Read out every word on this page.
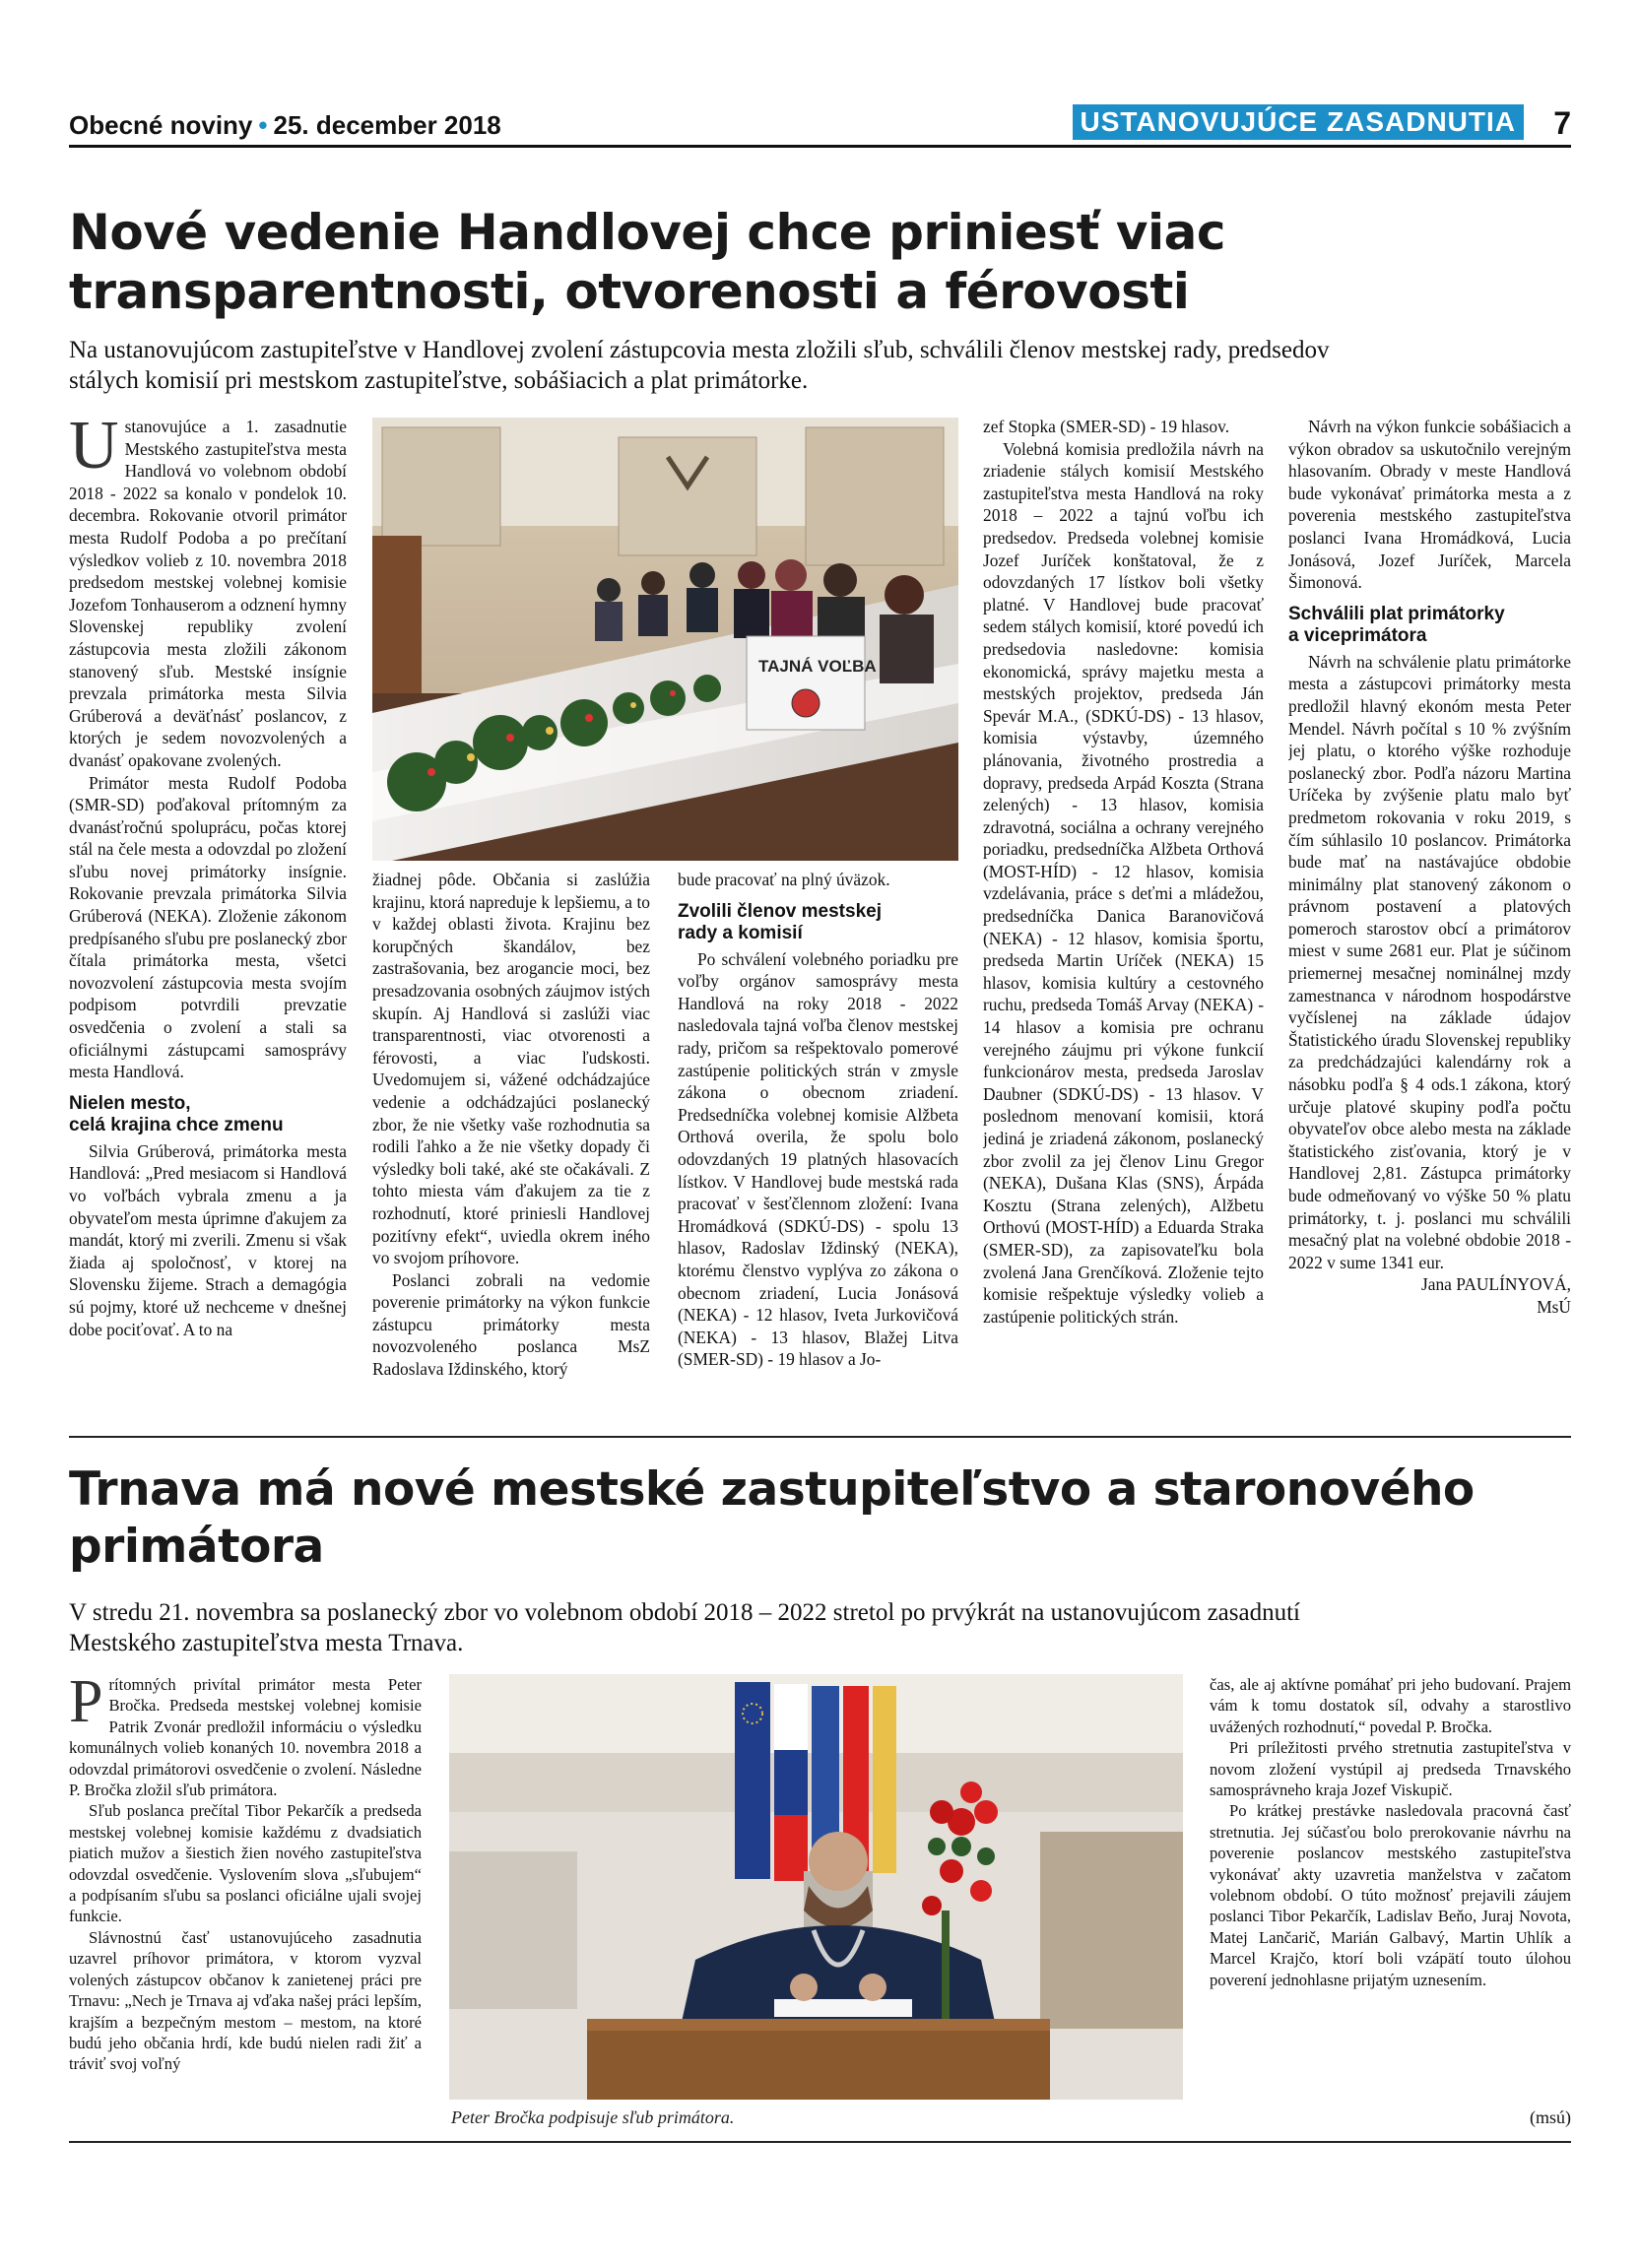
Obecné noviny • 25. december 2018	USTANOVUJÚCE ZASADNUTIA 7
Nové vedenie Handlovej chce priniesť viac
transparentnosti, otvorenosti a férovosti
Na ustanovujúcom zastupiteľstve v Handlovej zvolení zástupcovia mesta zložili sľub, schválili členov mestskej rady, predsedov
stálych komisií pri mestskom zastupiteľstve, sobášiacich a plat primátorke.

Ustanovujúce a 1. zasadnutie Mestského zastupiteľstva mesta Handlová vo volebnom období 2018 - 2022 sa konalo v pondelok 10. decembra. Rokovanie otvoril primátor mesta Rudolf Podoba a po prečítaní výsledkov volieb z 10. novembra 2018 predsedom mestskej volebnej komisie Jozefom Tonhauserom a odznení hymny Slovenskej republiky zvolení zástupcovia mesta zložili zákonom stanovený sľub. Mestské insígnie prevzala primátorka mesta Silvia Grúberová a deväťnásť poslancov, z ktorých je sedem novozvolených a dvanásť opakovane zvolených.

Primátor mesta Rudolf Podoba (SMR-SD) poďakoval prítomným za dvanásťročnú spoluprácu, počas ktorej stál na čele mesta a odovzdal po zložení sľubu novej primátorky insígnie. Rokovanie prevzala primátorka Silvia Grúberová (NEKA). Zloženie zákonom predpísaného sľubu pre poslanecký zbor čítala primátorka mesta, všetci novozvolení zástupcovia mesta svojím podpisom potvrdili prevzatie osvedčenia o zvolení a stali sa oficiálnymi zástupcami samosprávy mesta Handlová.

Nielen mesto,
celá krajina chce zmenu

Silvia Grúberová, primátorka mesta Handlová: „Pred mesiacom si Handlová vo voľbách vybrala zmenu a ja obyvateľom mesta úprimne ďakujem za mandát, ktorý mi zverili. Zmenu si však žiada aj spoločnosť, v ktorej na Slovensku žijeme. Strach a demagógia sú pojmy, ktoré už nechceme v dnešnej dobe pociťovať. A to na

TAJNÁ VOĽBA

žiadnej pôde. Občania si zaslúžia krajinu, ktorá napreduje k lepšiemu, a to v každej oblasti života. Krajinu bez korupčných škandálov, bez zastrašovania, bez arogancie moci, bez presadzovania osobných záujmov istých skupín. Aj Handlová si zaslúži viac transparentnosti, viac otvorenosti a férovosti, a viac ľudskosti. Uvedomujem si, vážené odchádzajúce vedenie a odchádzajúci poslanecký zbor, že nie všetky vaše rozhodnutia sa rodili ľahko a že nie všetky dopady či výsledky boli také, aké ste očakávali. Z tohto miesta vám ďakujem za tie z rozhodnutí, ktoré priniesli Handlovej pozitívny efekt“, uviedla okrem iného vo svojom príhovore.

Poslanci zobrali na vedomie poverenie primátorky na výkon funkcie zástupcu primátorky mesta novozvoleného poslanca MsZ Radoslava Iždinského, ktorý

bude pracovať na plný úväzok.

Zvolili členov mestskej
rady a komisií

Po schválení volebného poriadku pre voľby orgánov samosprávy mesta Handlová na roky 2018 - 2022 nasledovala tajná voľba členov mestskej rady, pričom sa rešpektovalo pomerové zastúpenie politických strán v zmysle zákona o obecnom zriadení. Predsedníčka volebnej komisie Alžbeta Orthová overila, že spolu bolo odovzdaných 19 platných hlasovacích lístkov. V Handlovej bude mestská rada pracovať v šesťčlennom zložení: Ivana Hromádková (SDKÚ-DS) - spolu 13 hlasov, Radoslav Iždinský (NEKA), ktorému členstvo vyplýva zo zákona o obecnom zriadení, Lucia Jonásová (NEKA) - 12 hlasov, Iveta Jurkovičová (NEKA) - 13 hlasov, Blažej Litva (SMER-SD) - 19 hlasov a Jo-

zef Stopka (SMER-SD) - 19 hlasov.

Volebná komisia predložila návrh na zriadenie stálych komisií Mestského zastupiteľstva mesta Handlová na roky 2018 – 2022 a tajnú voľbu ich predsedov. Predseda volebnej komisie Jozef Juríček konštatoval, že z odovzdaných 17 lístkov boli všetky platné. V Handlovej bude pracovať sedem stálych komisií, ktoré povedú ich predsedovia nasledovne: komisia ekonomická, správy majetku mesta a mestských projektov, predseda Ján Spevár M.A., (SDKÚ-DS) - 13 hlasov, komisia výstavby, územného plánovania, životného prostredia a dopravy, predseda Arpád Koszta (Strana zelených) - 13 hlasov, komisia zdravotná, sociálna a ochrany verejného poriadku, predsedníčka Alžbeta Orthová (MOST-HÍD) - 12 hlasov, komisia vzdelávania, práce s deťmi a mládežou, predsedníčka Danica Baranovičová (NEKA) - 12 hlasov, komisia športu, predseda Martin Uríček (NEKA) 15 hlasov, komisia kultúry a cestovného ruchu, predseda Tomáš Arvay (NEKA) - 14 hlasov a komisia pre ochranu verejného záujmu pri výkone funkcií funkcionárov mesta, predseda Jaroslav Daubner (SDKÚ-DS) - 13 hlasov. V poslednom menovaní komisii, ktorá jediná je zriadená zákonom, poslanecký zbor zvolil za jej členov Linu Gregor (NEKA), Dušana Klas (SNS), Árpáda Kosztu (Strana zelených), Alžbetu Orthovú (MOST-HÍD) a Eduarda Straka (SMER-SD), za zapisovateľku bola zvolená Jana Grenčíková. Zloženie tejto komisie rešpektuje výsledky volieb a zastúpenie politických strán.

Návrh na výkon funkcie sobášiacich a výkon obradov sa uskutočnilo verejným hlasovaním. Obrady v meste Handlová bude vykonávať primátorka mesta a z poverenia mestského zastupiteľstva poslanci Ivana Hromádková, Lucia Jonásová, Jozef Juríček, Marcela Šimonová.

Schválili plat primátorky
a viceprimátora

Návrh na schválenie platu primátorke mesta a zástupcovi primátorky mesta predložil hlavný ekonóm mesta Peter Mendel. Návrh počítal s 10 % zvýšním jej platu, o ktorého výške rozhoduje poslanecký zbor. Podľa názoru Martina Uríčeka by zvýšenie platu malo byť predmetom rokovania v roku 2019, s čím súhlasilo 10 poslancov. Primátorka bude mať na nastávajúce obdobie minimálny plat stanovený zákonom o právnom postavení a platových pomeroch starostov obcí a primátorov miest v sume 2681 eur. Plat je súčinom priemernej mesačnej nominálnej mzdy zamestnanca v národnom hospodárstve vyčíslenej na základe údajov Štatistického úradu Slovenskej republiky za predchádzajúci kalendárny rok a násobku podľa § 4 ods.1 zákona, ktorý určuje platové skupiny podľa počtu obyvateľov obce alebo mesta na základe štatistického zisťovania, ktorý je v Handlovej 2,81. Zástupca primátorky bude odmeňovaný vo výške 50 % platu primátorky, t. j. poslanci mu schválili mesačný plat na volebné obdobie 2018 - 2022 v sume 1341 eur.

Jana PAULÍNYOVÁ,

MsÚ

Trnava má nové mestské zastupiteľstvo a staronového
primátora
V stredu 21. novembra sa poslanecký zbor vo volebnom období 2018 – 2022 stretol po prvýkrát na ustanovujúcom zasadnutí
Mestského zastupiteľstva mesta Trnava.

Prítomných privítal primátor mesta Peter Bročka. Predseda mestskej volebnej komisie Patrik Zvonár predložil informáciu o výsledku komunálnych volieb konaných 10. novembra 2018 a odovzdal primátorovi osvedčenie o zvolení. Následne P. Bročka zložil sľub primátora.

Sľub poslanca prečítal Tibor Pekarčík a predseda mestskej volebnej komisie každému z dvadsiatich piatich mužov a šiestich žien nového zastupiteľstva odovzdal osvedčenie. Vyslovením slova „sľubujem“ a podpísaním sľubu sa poslanci oficiálne ujali svojej funkcie.

Slávnostnú časť ustanovujúceho zasadnutia uzavrel príhovor primátora, v ktorom vyzval volených zástupcov občanov k zanietenej práci pre Trnavu: „Nech je Trnava aj vďaka našej práci lepším, krajším a bezpečným mestom – mestom, na ktoré budú jeho občania hrdí, kde budú nielen radi žiť a tráviť svoj voľný

Peter Bročka podpisuje sľub primátora.

čas, ale aj aktívne pomáhať pri jeho budovaní. Prajem vám k tomu dostatok síl, odvahy a starostlivo uvážených rozhodnutí,“ povedal P. Bročka.

Pri príležitosti prvého stretnutia zastupiteľstva v novom zložení vystúpil aj predseda Trnavského samosprávneho kraja Jozef Viskupič.

Po krátkej prestávke nasledovala pracovná časť stretnutia. Jej súčasťou bolo prerokovanie návrhu na poverenie poslancov mestského zastupiteľstva vykonávať akty uzavretia manželstva v začatom volebnom období. O túto možnosť prejavili záujem poslanci Tibor Pekarčík, Ladislav Beňo, Juraj Novota, Matej Lančarič, Marián Galbavý, Martin Uhlík a Marcel Krajčo, ktorí boli vzápätí touto úlohou poverení jednohlasne prijatým uznesením.

(msú)
